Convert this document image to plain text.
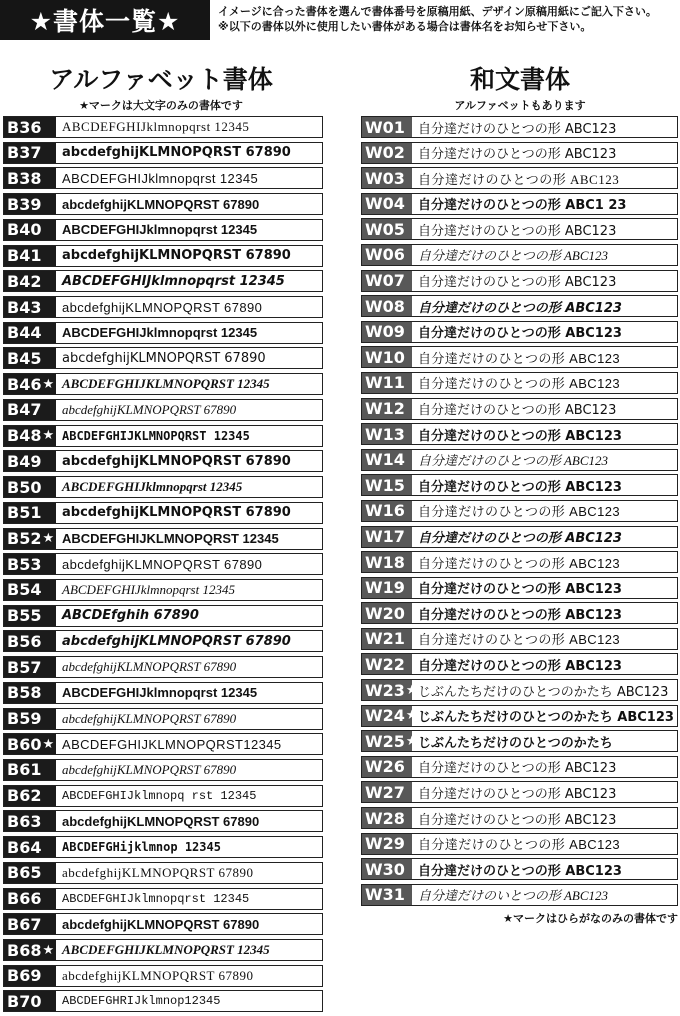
★書体一覧★	イメージに合った書体を選んで書体番号を原稿用紙、デザイン原稿用紙にご記入下さい。
※以下の書体以外に使用したい書体がある場合は書体名をお知らせ下さい。
アルファベット書体
★マークは大文字のみの書体です
和文書体
アルファベットもあります
B36	ABCDEFGHIJklmnopqrst 12345
B37	abcdefghijKLMNOPQRST 67890
B38	ABCDEFGHIJklmnopqrst 12345
B39	abcdefghijKLMNOPQRST 67890
B40	ABCDEFGHIJklmnopqrst 12345
B41	abcdefghijKLMNOPQRST 67890
B42	ABCDEFGHIJklmnopqrst 12345
B43	abcdefghijKLMNOPQRST 67890
B44	ABCDEFGHIJklmnopqrst 12345
B45	abcdefghijKLMNOPQRST 67890
B46 ★ ABCDEFGHIJKLMNOPQRST 12345
B47	abcdefghijKLMNOPQRST 67890
B48 ★ ABCDEFGHIJKLMNOPQRST 12345
B49	abcdefghijKLMNOPQRST 67890
B50	ABCDEFGHIJklmnopqrst 12345
B51	abcdefghijKLMNOPQRST 67890
B52 ★ ABCDEFGHIJKLMNOPQRST 12345
B53	abcdefghijKLMNOPQRST 67890
B54	ABCDEFGHIJklmnopqrst 12345
B55	ABCDEfghih 67890
B56	abcdefghijKLMNOPQRST 67890
B57	abcdefghijKLMNOPQRST 67890
B58	ABCDEFGHIJklmnopqrst 12345
B59	abcdefghijKLMNOPQRST 67890
B60 ★ ABCDEFGHIJKLMNOPQRST12345
B61	abcdefghijKLMNOPQRST 67890
B62	ABCDEFGHIJklmnopq rst 12345
B63	abcdefghijKLMNOPQRST 67890
B64	ABCDEFGHijklmnop 12345
B65	abcdefghijKLMNOPQRST 67890
B66	ABCDEFGHIJklmnopqrst 12345
B67	abcdefghijKLMNOPQRST 67890
B68 ★ ABCDEFGHIJKLMNOPQRST 12345
B69	abcdefghijKLMNOPQRST 67890
B70	ABCDEFGHRIJklmnop12345
W01	自分達だけのひとつの形 ABC123
W02	自分達だけのひとつの形 ABC123
W03	自分達だけのひとつの形 ABC123
W04	自分達だけのひとつの形 ABC1 23
W05	自分達だけのひとつの形 ABC123
W06	自分達だけのひとつの形 ABC123
W07	自分達だけのひとつの形 ABC123
W08	自分達だけのひとつの形 ABC123
W09	自分達だけのひとつの形 ABC123
W10	自分達だけのひとつの形 ABC123
W11	自分達だけのひとつの形 ABC123
W12	自分達だけのひとつの形 ABC123
W13	自分達だけのひとつの形 ABC123
W14	自分達だけのひとつの形 ABC123
W15	自分達だけのひとつの形 ABC123
W16	自分達だけのひとつの形 ABC123
W17	自分達だけのひとつの形 ABC123
W18	自分達だけのひとつの形 ABC123
W19	自分達だけのひとつの形 ABC123
W20	自分達だけのひとつの形 ABC123
W21	自分達だけのひとつの形 ABC123
W22	自分達だけのひとつの形 ABC123
W23 ★ じぶんたちだけのひとつのかたち ABC123
W24 ★ じぶんたちだけのひとつのかたち ABC123
W25 ★ じぶんたちだけのひとつのかたち
W26	自分達だけのひとつの形 ABC123
W27	自分達だけのひとつの形 ABC123
W28	自分達だけのひとつの形 ABC123
W29	自分達だけのひとつの形 ABC123
W30	自分達だけのひとつの形 ABC123
W31	自分達だけのいとつの形 ABC123
★マークはひらがなのみの書体です
